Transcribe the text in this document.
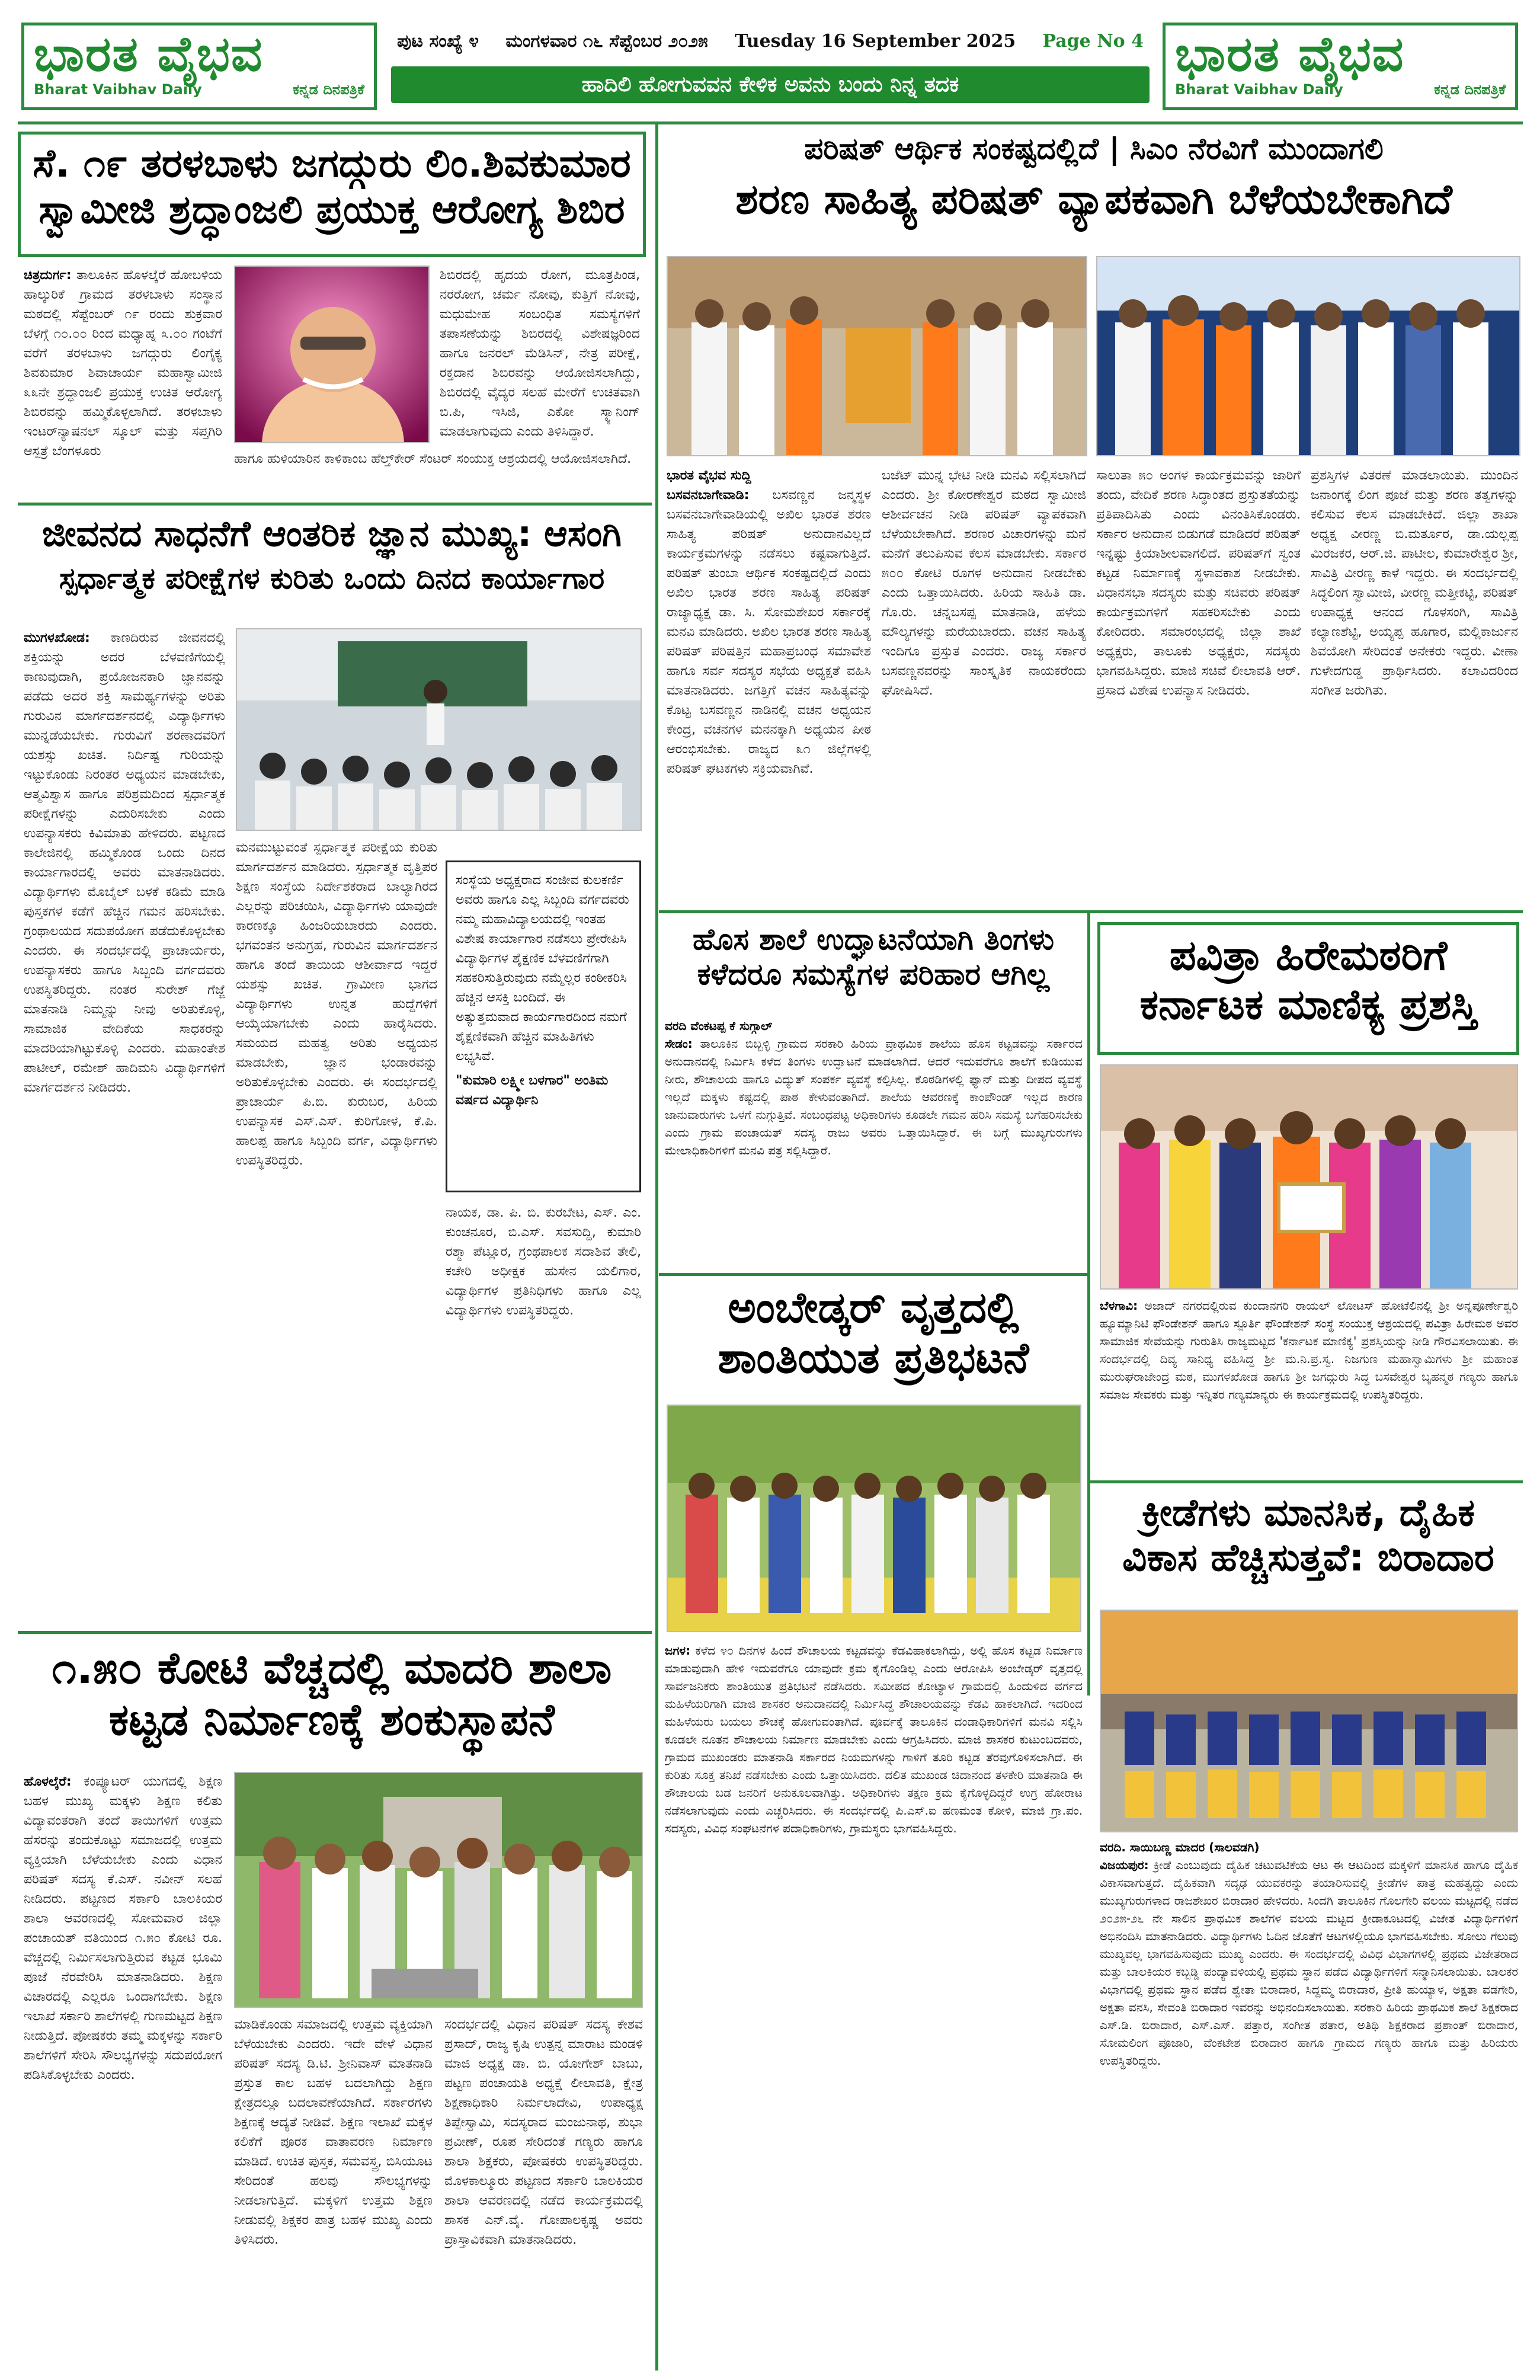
ಭಾರತ ವೈಭವ
Bharat Vaibhav Daily	ಕನ್ನಡ ದಿನಪತ್ರಿಕೆ
ಪುಟ ಸಂಖ್ಯೆ ೪ ಮಂಗಳವಾರ ೧೬ ಸೆಪ್ಟೆಂಬರ ೨೦೨೫ Tuesday 16 September 2025 Page No 4
ಹಾದಿಲಿ ಹೋಗುವವನ ಕೇಳಿಕ ಅವನು ಬಂದು ನಿನ್ನ ತದಕ
ಭಾರತ ವೈಭವ
Bharat Vaibhav Daily	ಕನ್ನಡ ದಿನಪತ್ರಿಕೆ
ಸೆ. ೧೯ ತರಳಬಾಳು ಜಗದ್ಗುರು ಲಿಂ.ಶಿವಕುಮಾರ
ಸ್ವಾಮೀಜಿ ಶ್ರದ್ಧಾಂಜಲಿ ಪ್ರಯುಕ್ತ ಆರೋಗ್ಯ ಶಿಬಿರ
ಚಿತ್ರದುರ್ಗ: ತಾಲೂಕಿನ ಹೊಳಲ್ಕೆರೆ ಹೋಬಳಿಯ ಹಾಲ್ಕುರಿಕೆ ಗ್ರಾಮದ ತರಳಬಾಳು ಸಂಸ್ಥಾನ ಮಠದಲ್ಲಿ ಸೆಪ್ಟೆಂಬರ್ ೧೯ ರಂದು ಶುಕ್ರವಾರ ಬೆಳಗ್ಗೆ ೧೦.೦೦ ರಿಂದ ಮಧ್ಯಾಹ್ನ ೩.೦೦ ಗಂಟೆಗೆ ವರೆಗೆ ತರಳಬಾಳು ಜಗದ್ಗುರು ಲಿಂಗೈಕ್ಯ ಶಿವಕುಮಾರ ಶಿವಾಚಾರ್ಯ ಮಹಾಸ್ವಾಮೀಜಿ ೩೩ನೇ ಶ್ರದ್ಧಾಂಜಲಿ ಪ್ರಯುಕ್ತ ಉಚಿತ ಆರೋಗ್ಯ ಶಿಬಿರವನ್ನು ಹಮ್ಮಿಕೊಳ್ಳಲಾಗಿದೆ. ತರಳಬಾಳು ಇಂಟರ್‌ನ್ಯಾಷನಲ್ ಸ್ಕೂಲ್ ಮತ್ತು ಸಪ್ತಗಿರಿ ಆಸ್ಪತ್ರೆ ಬೆಂಗಳೂರು
ಶಿಬಿರದಲ್ಲಿ ಹೃದಯ ರೋಗ, ಮೂತ್ರಪಿಂಡ, ನರರೋಗ, ಚರ್ಮ ನೋವು, ಕುತ್ತಿಗೆ ನೋವು, ಮಧುಮೇಹ ಸಂಬಂಧಿತ ಸಮಸ್ಯೆಗಳಿಗೆ ತಪಾಸಣೆಯನ್ನು ಶಿಬಿರದಲ್ಲಿ ವಿಶೇಷಜ್ಞರಿಂದ ಹಾಗೂ ಜನರಲ್ ಮೆಡಿಸಿನ್, ನೇತ್ರ ಪರೀಕ್ಷೆ, ರಕ್ತದಾನ ಶಿಬಿರವನ್ನು ಆಯೋಜಿಸಲಾಗಿದ್ದು, ಶಿಬಿರದಲ್ಲಿ ವೈದ್ಯರ ಸಲಹೆ ಮೇರೆಗೆ ಉಚಿತವಾಗಿ ಬಿ.ಪಿ, ಇಸಿಜಿ, ಎಕೋ ಸ್ಕ್ಯಾನಿಂಗ್ ಮಾಡಲಾಗುವುದು ಎಂದು ತಿಳಿಸಿದ್ದಾರೆ.
ಹಾಗೂ ಹುಳಿಯಾರಿನ ಕಾಳಿಕಾಂಬ ಹೆಲ್ತ್‌ಕೇರ್ ಸೆಂಟರ್ ಸಂಯುಕ್ತ ಆಶ್ರಯದಲ್ಲಿ ಆಯೋಜಿಸಲಾಗಿದೆ.
ಜೀವನದ ಸಾಧನೆಗೆ ಆಂತರಿಕ ಜ್ಞಾನ ಮುಖ್ಯ: ಆಸಂಗಿ
ಸ್ಪರ್ಧಾತ್ಮಕ ಪರೀಕ್ಷೆಗಳ ಕುರಿತು ಒಂದು ದಿನದ ಕಾರ್ಯಾಗಾರ
ಮುಗಳಖೋಡ: ಕಾಣದಿರುವ ಜೀವನದಲ್ಲಿ ಶಕ್ತಿಯನ್ನು ಅದರ ಬೆಳವಣಿಗೆಯಲ್ಲಿ ಕಾಣುವುದಾಗಿ, ಪ್ರಯೋಜನಕಾರಿ ಜ್ಞಾನವನ್ನು ಪಡೆದು ಅದರ ಶಕ್ತಿ ಸಾಮರ್ಥ್ಯಗಳನ್ನು ಅರಿತು ಗುರುವಿನ ಮಾರ್ಗದರ್ಶನದಲ್ಲಿ ವಿದ್ಯಾರ್ಥಿಗಳು ಮುನ್ನಡೆಯಬೇಕು. ಗುರುವಿಗೆ ಶರಣಾದವರಿಗೆ ಯಶಸ್ಸು ಖಚಿತ. ನಿರ್ದಿಷ್ಟ ಗುರಿಯನ್ನು ಇಟ್ಟುಕೊಂಡು ನಿರಂತರ ಅಧ್ಯಯನ ಮಾಡಬೇಕು, ಆತ್ಮವಿಶ್ವಾಸ ಹಾಗೂ ಪರಿಶ್ರಮದಿಂದ ಸ್ಪರ್ಧಾತ್ಮಕ ಪರೀಕ್ಷೆಗಳನ್ನು ಎದುರಿಸಬೇಕು ಎಂದು ಉಪನ್ಯಾಸಕರು ಕಿವಿಮಾತು ಹೇಳಿದರು. ಪಟ್ಟಣದ ಕಾಲೇಜಿನಲ್ಲಿ ಹಮ್ಮಿಕೊಂಡ ಒಂದು ದಿನದ ಕಾರ್ಯಾಗಾರದಲ್ಲಿ ಅವರು ಮಾತನಾಡಿದರು. ವಿದ್ಯಾರ್ಥಿಗಳು ಮೊಬೈಲ್ ಬಳಕೆ ಕಡಿಮೆ ಮಾಡಿ ಪುಸ್ತಕಗಳ ಕಡೆಗೆ ಹೆಚ್ಚಿನ ಗಮನ ಹರಿಸಬೇಕು. ಗ್ರಂಥಾಲಯದ ಸದುಪಯೋಗ ಪಡೆದುಕೊಳ್ಳಬೇಕು ಎಂದರು. ಈ ಸಂದರ್ಭದಲ್ಲಿ ಪ್ರಾಚಾರ್ಯರು, ಉಪನ್ಯಾಸಕರು ಹಾಗೂ ಸಿಬ್ಬಂದಿ ವರ್ಗದವರು ಉಪಸ್ಥಿತರಿದ್ದರು. ನಂತರ ಸುರೇಶ್ ಗೆಜ್ಜೆ ಮಾತನಾಡಿ ನಿಮ್ಮನ್ನು ನೀವು ಅರಿತುಕೊಳ್ಳಿ, ಸಾಮಾಜಿಕ ವೇದಿಕೆಯ ಸಾಧಕರನ್ನು ಮಾದರಿಯಾಗಿಟ್ಟುಕೊಳ್ಳಿ ಎಂದರು. ಮಹಾಂತೇಶ ಪಾಟೀಲ್, ರಮೇಶ್ ಹಾದಿಮನಿ ವಿದ್ಯಾರ್ಥಿಗಳಿಗೆ ಮಾರ್ಗದರ್ಶನ ನೀಡಿದರು.
ಮನಮುಟ್ಟುವಂತೆ ಸ್ಪರ್ಧಾತ್ಮಕ ಪರೀಕ್ಷೆಯ ಕುರಿತು ಮಾರ್ಗದರ್ಶನ ಮಾಡಿದರು. ಸ್ಪರ್ಧಾತ್ಮಕ ವೃತ್ತಿಪರ ಶಿಕ್ಷಣ ಸಂಸ್ಥೆಯ ನಿರ್ದೇಶಕರಾದ ಬಾಲ್ಯಾಗಿರದ ಎಲ್ಲರನ್ನು ಪರಿಚಯಿಸಿ, ವಿದ್ಯಾರ್ಥಿಗಳು ಯಾವುದೇ ಕಾರಣಕ್ಕೂ ಹಿಂಜರಿಯಬಾರದು ಎಂದರು. ಭಗವಂತನ ಅನುಗ್ರಹ, ಗುರುವಿನ ಮಾರ್ಗದರ್ಶನ ಹಾಗೂ ತಂದೆ ತಾಯಿಯ ಆಶೀರ್ವಾದ ಇದ್ದರೆ ಯಶಸ್ಸು ಖಚಿತ. ಗ್ರಾಮೀಣ ಭಾಗದ ವಿದ್ಯಾರ್ಥಿಗಳು ಉನ್ನತ ಹುದ್ದೆಗಳಿಗೆ ಆಯ್ಕೆಯಾಗಬೇಕು ಎಂದು ಹಾರೈಸಿದರು. ಸಮಯದ ಮಹತ್ವ ಅರಿತು ಅಧ್ಯಯನ ಮಾಡಬೇಕು, ಜ್ಞಾನ ಭಂಡಾರವನ್ನು ಅರಿತುಕೊಳ್ಳಬೇಕು ಎಂದರು. ಈ ಸಂದರ್ಭದಲ್ಲಿ ಪ್ರಾಚಾರ್ಯ ಪಿ.ಬಿ. ಕುರುಬರ, ಹಿರಿಯ ಉಪನ್ಯಾಸಕ ಎಸ್.ಎಸ್. ಕುರಿಗೋಳ, ಕೆ.ಪಿ. ಹಾಲಪ್ಪ ಹಾಗೂ ಸಿಬ್ಬಂದಿ ವರ್ಗ, ವಿದ್ಯಾರ್ಥಿಗಳು ಉಪಸ್ಥಿತರಿದ್ದರು.
ಸಂಸ್ಥೆಯ ಅಧ್ಯಕ್ಷರಾದ ಸಂಜೀವ ಕುಲಕರ್ಣಿ ಅವರು ಹಾಗೂ ಎಲ್ಲ ಸಿಬ್ಬಂದಿ ವರ್ಗದವರು ನಮ್ಮ ಮಹಾವಿದ್ಯಾಲಯದಲ್ಲಿ ಇಂತಹ ವಿಶೇಷ ಕಾರ್ಯಾಗಾರ ನಡೆಸಲು ಪ್ರೇರೇಪಿಸಿ ವಿದ್ಯಾರ್ಥಿಗಳ ಶೈಕ್ಷಣಿಕ ಬೆಳವಣಿಗೆಗಾಗಿ ಸಹಕರಿಸುತ್ತಿರುವುದು ನಮ್ಮೆಲ್ಲರ ಕಂಠೀಕರಿಸಿ ಹೆಚ್ಚಿನ ಆಸಕ್ತಿ ಬಂದಿದೆ. ಈ ಅತ್ಯುತ್ತಮವಾದ ಕಾರ್ಯಗಾರದಿಂದ ನಮಗೆ ಶೈಕ್ಷಣಿಕವಾಗಿ ಹೆಚ್ಚಿನ ಮಾಹಿತಿಗಳು ಲಭ್ಯಸಿವೆ.
"ಕುಮಾರಿ ಲಕ್ಷ್ಮೀ ಬಳಗಾರ" ಅಂತಿಮ ವರ್ಷದ ವಿದ್ಯಾರ್ಥಿನಿ
ನಾಯಕ, ಡಾ. ಪಿ. ಬಿ. ಕುರಬೇಟ, ಎಸ್. ಎಂ. ಕುಂಚನೂರ, ಬಿ.ಎಸ್. ಸವಸುದ್ದಿ, ಕುಮಾರಿ ರಶ್ಮಾ ಪೆಟ್ಲೂರ, ಗ್ರಂಥಪಾಲಕ ಸದಾಶಿವ ತೇಲಿ, ಕಚೇರಿ ಅಧೀಕ್ಷಕ ಹುಸೇನ ಯಲಿಗಾರ, ವಿದ್ಯಾರ್ಥಿಗಳ ಪ್ರತಿನಿಧಿಗಳು ಹಾಗೂ ಎಲ್ಲ ವಿದ್ಯಾರ್ಥಿಗಳು ಉಪಸ್ಥಿತರಿದ್ದರು.
೧.೫೦ ಕೋಟಿ ವೆಚ್ಚದಲ್ಲಿ ಮಾದರಿ ಶಾಲಾ
ಕಟ್ಟಡ ನಿರ್ಮಾಣಕ್ಕೆ ಶಂಕುಸ್ಥಾಪನೆ
ಹೊಳಲ್ಕೆರೆ: ಕಂಪ್ಯೂಟರ್ ಯುಗದಲ್ಲಿ ಶಿಕ್ಷಣ ಬಹಳ ಮುಖ್ಯ ಮಕ್ಕಳು ಶಿಕ್ಷಣ ಕಲಿತು ವಿದ್ಯಾವಂತರಾಗಿ ತಂದೆ ತಾಯಿಗಳಿಗೆ ಉತ್ತಮ ಹೆಸರನ್ನು ತಂದುಕೊಟ್ಟು ಸಮಾಜದಲ್ಲಿ ಉತ್ತಮ ವ್ಯಕ್ತಿಯಾಗಿ ಬೆಳೆಯಬೇಕು ಎಂದು ವಿಧಾನ ಪರಿಷತ್ ಸದಸ್ಯ ಕೆ.ಎಸ್. ನವೀನ್ ಸಲಹೆ ನೀಡಿದರು. ಪಟ್ಟಣದ ಸರ್ಕಾರಿ ಬಾಲಕಿಯರ ಶಾಲಾ ಆವರಣದಲ್ಲಿ ಸೋಮವಾರ ಜಿಲ್ಲಾ ಪಂಚಾಯತ್ ವತಿಯಿಂದ ೧.೫೦ ಕೋಟಿ ರೂ. ವೆಚ್ಚದಲ್ಲಿ ನಿರ್ಮಿಸಲಾಗುತ್ತಿರುವ ಕಟ್ಟಡ ಭೂಮಿ ಪೂಜೆ ನೆರವೇರಿಸಿ ಮಾತನಾಡಿದರು. ಶಿಕ್ಷಣ ವಿಚಾರದಲ್ಲಿ ಎಲ್ಲರೂ ಒಂದಾಗಬೇಕು. ಶಿಕ್ಷಣ ಇಲಾಖೆ ಸರ್ಕಾರಿ ಶಾಲೆಗಳಲ್ಲಿ ಗುಣಮಟ್ಟದ ಶಿಕ್ಷಣ ನೀಡುತ್ತಿದೆ. ಪೋಷಕರು ತಮ್ಮ ಮಕ್ಕಳನ್ನು ಸರ್ಕಾರಿ ಶಾಲೆಗಳಿಗೆ ಸೇರಿಸಿ ಸೌಲಭ್ಯಗಳನ್ನು ಸದುಪಯೋಗ ಪಡಿಸಿಕೊಳ್ಳಬೇಕು ಎಂದರು.
ಮಾಡಿಕೊಂಡು ಸಮಾಜದಲ್ಲಿ ಉತ್ತಮ ವ್ಯಕ್ತಿಯಾಗಿ ಬೆಳೆಯಬೇಕು ಎಂದರು. ಇದೇ ವೇಳೆ ವಿಧಾನ ಪರಿಷತ್ ಸದಸ್ಯ ಡಿ.ಟಿ. ಶ್ರೀನಿವಾಸ್ ಮಾತನಾಡಿ ಪ್ರಸ್ತುತ ಕಾಲ ಬಹಳ ಬದಲಾಗಿದ್ದು ಶಿಕ್ಷಣ ಕ್ಷೇತ್ರದಲ್ಲೂ ಬದಲಾವಣೆಯಾಗಿದೆ. ಸರ್ಕಾರಗಳು ಶಿಕ್ಷಣಕ್ಕೆ ಆದ್ಯತೆ ನೀಡಿವೆ. ಶಿಕ್ಷಣ ಇಲಾಖೆ ಮಕ್ಕಳ ಕಲಿಕೆಗೆ ಪೂರಕ ವಾತಾವರಣ ನಿರ್ಮಾಣ ಮಾಡಿದೆ. ಉಚಿತ ಪುಸ್ತಕ, ಸಮವಸ್ತ್ರ, ಬಿಸಿಯೂಟ ಸೇರಿದಂತೆ ಹಲವು ಸೌಲಭ್ಯಗಳನ್ನು ನೀಡಲಾಗುತ್ತಿದೆ. ಮಕ್ಕಳಿಗೆ ಉತ್ತಮ ಶಿಕ್ಷಣ ನೀಡುವಲ್ಲಿ ಶಿಕ್ಷಕರ ಪಾತ್ರ ಬಹಳ ಮುಖ್ಯ ಎಂದು ತಿಳಿಸಿದರು.
ಸಂದರ್ಭದಲ್ಲಿ ವಿಧಾನ ಪರಿಷತ್ ಸದಸ್ಯ ಕೇಶವ ಪ್ರಸಾದ್, ರಾಜ್ಯ ಕೃಷಿ ಉತ್ಪನ್ನ ಮಾರಾಟ ಮಂಡಳಿ ಮಾಜಿ ಅಧ್ಯಕ್ಷ ಡಾ. ಬಿ. ಯೋಗೇಶ್ ಬಾಬು, ಪಟ್ಟಣ ಪಂಚಾಯತಿ ಅಧ್ಯಕ್ಷೆ ಲೀಲಾವತಿ, ಕ್ಷೇತ್ರ ಶಿಕ್ಷಣಾಧಿಕಾರಿ ನಿರ್ಮಲಾದೇವಿ, ಉಪಾಧ್ಯಕ್ಷ ತಿಪ್ಪೇಸ್ವಾಮಿ, ಸದಸ್ಯರಾದ ಮಂಜುನಾಥ, ಶುಭಾ ಪ್ರವೀಣ್, ರೂಪ ಸೇರಿದಂತೆ ಗಣ್ಯರು ಹಾಗೂ ಶಾಲಾ ಶಿಕ್ಷಕರು, ಪೋಷಕರು ಉಪಸ್ಥಿತರಿದ್ದರು. ಮೊಳಕಾಲ್ಮೂರು ಪಟ್ಟಣದ ಸರ್ಕಾರಿ ಬಾಲಕಿಯರ ಶಾಲಾ ಆವರಣದಲ್ಲಿ ನಡೆದ ಕಾರ್ಯಕ್ರಮದಲ್ಲಿ ಶಾಸಕ ಎನ್.ವೈ. ಗೋಪಾಲಕೃಷ್ಣ ಅವರು ಪ್ರಾಸ್ತಾವಿಕವಾಗಿ ಮಾತನಾಡಿದರು.
ಪರಿಷತ್ ಆರ್ಥಿಕ ಸಂಕಷ್ಟದಲ್ಲಿದೆ | ಸಿಎಂ ನೆರವಿಗೆ ಮುಂದಾಗಲಿ
ಶರಣ ಸಾಹಿತ್ಯ ಪರಿಷತ್ ವ್ಯಾಪಕವಾಗಿ ಬೆಳೆಯಬೇಕಾಗಿದೆ
ಭಾರತ ವೈಭವ ಸುದ್ದಿ
ಬಸವನಬಾಗೇವಾಡಿ: ಬಸವಣ್ಣನ ಜನ್ಮಸ್ಥಳ ಬಸವನಬಾಗೇವಾಡಿಯಲ್ಲಿ ಅಖಿಲ ಭಾರತ ಶರಣ ಸಾಹಿತ್ಯ ಪರಿಷತ್ ಅನುದಾನವಿಲ್ಲದೆ ಕಾರ್ಯಕ್ರಮಗಳನ್ನು ನಡೆಸಲು ಕಷ್ಟವಾಗುತ್ತಿದೆ. ಪರಿಷತ್ ತುಂಬಾ ಆರ್ಥಿಕ ಸಂಕಷ್ಟದಲ್ಲಿದೆ ಎಂದು ಅಖಿಲ ಭಾರತ ಶರಣ ಸಾಹಿತ್ಯ ಪರಿಷತ್ ರಾಜ್ಯಾಧ್ಯಕ್ಷ ಡಾ. ಸಿ. ಸೋಮಶೇಖರ ಸರ್ಕಾರಕ್ಕೆ ಮನವಿ ಮಾಡಿದರು. ಅಖಿಲ ಭಾರತ ಶರಣ ಸಾಹಿತ್ಯ ಪರಿಷತ್ ಪರಿಷತ್ತಿನ ಮಹಾಪ್ರಬಂಧ ಸಮಾವೇಶ ಹಾಗೂ ಸರ್ವ ಸದಸ್ಯರ ಸಭೆಯ ಅಧ್ಯಕ್ಷತೆ ವಹಿಸಿ ಮಾತನಾಡಿದರು. ಜಗತ್ತಿಗೆ ವಚನ ಸಾಹಿತ್ಯವನ್ನು ಕೊಟ್ಟ ಬಸವಣ್ಣನ ನಾಡಿನಲ್ಲಿ ವಚನ ಅಧ್ಯಯನ ಕೇಂದ್ರ, ವಚನಗಳ ಮನನಕ್ಕಾಗಿ ಅಧ್ಯಯನ ಪೀಠ ಆರಂಭಿಸಬೇಕು. ರಾಜ್ಯದ ೩೧ ಜಿಲ್ಲೆಗಳಲ್ಲಿ ಪರಿಷತ್ ಘಟಕಗಳು ಸಕ್ರಿಯವಾಗಿವೆ.
ಬಜೆಟ್ ಮುನ್ನ ಭೇಟಿ ನೀಡಿ ಮನವಿ ಸಲ್ಲಿಸಲಾಗಿದೆ ಎಂದರು. ಶ್ರೀ ಕೋರಣೇಶ್ವರ ಮಠದ ಸ್ವಾಮೀಜಿ ಆಶೀರ್ವಚನ ನೀಡಿ ಪರಿಷತ್ ವ್ಯಾಪಕವಾಗಿ ಬೆಳೆಯಬೇಕಾಗಿದೆ. ಶರಣರ ವಿಚಾರಗಳನ್ನು ಮನೆ ಮನೆಗೆ ತಲುಪಿಸುವ ಕೆಲಸ ಮಾಡಬೇಕು. ಸರ್ಕಾರ ೫೦೦ ಕೋಟಿ ರೂಗಳ ಅನುದಾನ ನೀಡಬೇಕು ಎಂದು ಒತ್ತಾಯಿಸಿದರು. ಹಿರಿಯ ಸಾಹಿತಿ ಡಾ. ಗೊ.ರು. ಚನ್ನಬಸಪ್ಪ ಮಾತನಾಡಿ, ಹಳೆಯ ಮೌಲ್ಯಗಳನ್ನು ಮರೆಯಬಾರದು. ವಚನ ಸಾಹಿತ್ಯ ಇಂದಿಗೂ ಪ್ರಸ್ತುತ ಎಂದರು. ರಾಜ್ಯ ಸರ್ಕಾರ ಬಸವಣ್ಣನವರನ್ನು ಸಾಂಸ್ಕೃತಿಕ ನಾಯಕರೆಂದು ಘೋಷಿಸಿದೆ.
ಸಾಲುತಾ ೫೦ ಅಂಗಳ ಕಾರ್ಯಕ್ರಮವನ್ನು ಜಾರಿಗೆ ತಂದು, ವೇದಿಕೆ ಶರಣ ಸಿದ್ಧಾಂತದ ಪ್ರಸ್ತುತತೆಯನ್ನು ಪ್ರತಿಪಾದಿಸಿತು ಎಂದು ವಿನಂತಿಸಿಕೊಂಡರು. ಸರ್ಕಾರ ಅನುದಾನ ಬಿಡುಗಡೆ ಮಾಡಿದರೆ ಪರಿಷತ್ ಇನ್ನಷ್ಟು ಕ್ರಿಯಾಶೀಲವಾಗಲಿದೆ. ಪರಿಷತ್‌ಗೆ ಸ್ವಂತ ಕಟ್ಟಡ ನಿರ್ಮಾಣಕ್ಕೆ ಸ್ಥಳಾವಕಾಶ ನೀಡಬೇಕು. ವಿಧಾನಸಭಾ ಸದಸ್ಯರು ಮತ್ತು ಸಚಿವರು ಪರಿಷತ್ ಕಾರ್ಯಕ್ರಮಗಳಿಗೆ ಸಹಕರಿಸಬೇಕು ಎಂದು ಕೋರಿದರು. ಸಮಾರಂಭದಲ್ಲಿ ಜಿಲ್ಲಾ ಶಾಖೆ ಅಧ್ಯಕ್ಷರು, ತಾಲೂಕು ಅಧ್ಯಕ್ಷರು, ಸದಸ್ಯರು ಭಾಗವಹಿಸಿದ್ದರು. ಮಾಜಿ ಸಚಿವೆ ಲೀಲಾವತಿ ಆರ್. ಪ್ರಸಾದ ವಿಶೇಷ ಉಪನ್ಯಾಸ ನೀಡಿದರು.
ಪ್ರಶಸ್ತಿಗಳ ವಿತರಣೆ ಮಾಡಲಾಯಿತು. ಮುಂದಿನ ಜನಾಂಗಕ್ಕೆ ಲಿಂಗ ಪೂಜೆ ಮತ್ತು ಶರಣ ತತ್ವಗಳನ್ನು ಕಲಿಸುವ ಕೆಲಸ ಮಾಡಬೇಕಿದೆ. ಜಿಲ್ಲಾ ಶಾಖಾ ಅಧ್ಯಕ್ಷ ವೀರಣ್ಣ ಬಿ.ಮರ್ತೂರ, ಡಾ.ಯಲ್ಲಪ್ಪ ಮಿರಜಕರ, ಆರ್.ಜಿ. ಪಾಟೀಲ, ಕುಮಾರೇಶ್ವರ ಶ್ರೀ, ಸಾವಿತ್ರಿ ವೀರಣ್ಣ ಕಾಳೆ ಇದ್ದರು. ಈ ಸಂದರ್ಭದಲ್ಲಿ ಸಿದ್ಧಲಿಂಗ ಸ್ವಾಮೀಜಿ, ವೀರಣ್ಣ ಮತ್ತೀಕಟ್ಟಿ, ಪರಿಷತ್ ಉಪಾಧ್ಯಕ್ಷ ಆನಂದ ಗೊಳಸಂಗಿ, ಸಾವಿತ್ರಿ ಕಲ್ಯಾಣಶೆಟ್ಟಿ, ಅಯ್ಯಪ್ಪ ಹೂಗಾರ, ಮಲ್ಲಿಕಾರ್ಜುನ ಶಿವಯೋಗಿ ಸೇರಿದಂತೆ ಅನೇಕರು ಇದ್ದರು. ವೀಣಾ ಗುಳೇದಗುಡ್ಡ ಪ್ರಾರ್ಥಿಸಿದರು. ಕಲಾವಿದರಿಂದ ಸಂಗೀತ ಜರುಗಿತು.
ಹೊಸ ಶಾಲೆ ಉದ್ಘಾಟನೆಯಾಗಿ ತಿಂಗಳು
ಕಳೆದರೂ ಸಮಸ್ಯೆಗಳ ಪರಿಹಾರ ಆಗಿಲ್ಲ
ವರದಿ ವೆಂಕಟಪ್ಪ ಕೆ ಸುಗ್ಗಾಲ್
ಸೇಡಂ: ತಾಲೂಕಿನ ಬಿಬ್ಬಳ್ಳಿ ಗ್ರಾಮದ ಸರಕಾರಿ ಹಿರಿಯ ಪ್ರಾಥಮಿಕ ಶಾಲೆಯ ಹೊಸ ಕಟ್ಟಡವನ್ನು ಸರ್ಕಾರದ ಅನುದಾನದಲ್ಲಿ ನಿರ್ಮಿಸಿ ಕಳೆದ ತಿಂಗಳು ಉದ್ಘಾಟನೆ ಮಾಡಲಾಗಿದೆ. ಆದರೆ ಇದುವರೆಗೂ ಶಾಲೆಗೆ ಕುಡಿಯುವ ನೀರು, ಶೌಚಾಲಯ ಹಾಗೂ ವಿದ್ಯುತ್ ಸಂಪರ್ಕ ವ್ಯವಸ್ಥೆ ಕಲ್ಪಿಸಿಲ್ಲ. ಕೊಠಡಿಗಳಲ್ಲಿ ಫ್ಯಾನ್ ಮತ್ತು ದೀಪದ ವ್ಯವಸ್ಥೆ ಇಲ್ಲದೆ ಮಕ್ಕಳು ಕಷ್ಟದಲ್ಲಿ ಪಾಠ ಕೇಳುವಂತಾಗಿದೆ. ಶಾಲೆಯ ಆವರಣಕ್ಕೆ ಕಾಂಪೌಂಡ್ ಇಲ್ಲದ ಕಾರಣ ಜಾನುವಾರುಗಳು ಒಳಗೆ ನುಗ್ಗುತ್ತಿವೆ. ಸಂಬಂಧಪಟ್ಟ ಅಧಿಕಾರಿಗಳು ಕೂಡಲೇ ಗಮನ ಹರಿಸಿ ಸಮಸ್ಯೆ ಬಗೆಹರಿಸಬೇಕು ಎಂದು ಗ್ರಾಮ ಪಂಚಾಯತ್ ಸದಸ್ಯ ರಾಜು ಅವರು ಒತ್ತಾಯಿಸಿದ್ದಾರೆ. ಈ ಬಗ್ಗೆ ಮುಖ್ಯಗುರುಗಳು ಮೇಲಾಧಿಕಾರಿಗಳಿಗೆ ಮನವಿ ಪತ್ರ ಸಲ್ಲಿಸಿದ್ದಾರೆ.
ಅಂಬೇಡ್ಕರ್ ವೃತ್ತದಲ್ಲಿ
ಶಾಂತಿಯುತ ಪ್ರತಿಭಟನೆ
ಜಗಳ: ಕಳೆದ ೪೦ ದಿನಗಳ ಹಿಂದೆ ಶೌಚಾಲಯ ಕಟ್ಟಡವನ್ನು ಕೆಡವಿಹಾಕಲಾಗಿದ್ದು, ಅಲ್ಲಿ ಹೊಸ ಕಟ್ಟಡ ನಿರ್ಮಾಣ ಮಾಡುವುದಾಗಿ ಹೇಳಿ ಇದುವರೆಗೂ ಯಾವುದೇ ಕ್ರಮ ಕೈಗೊಂಡಿಲ್ಲ ಎಂದು ಆರೋಪಿಸಿ ಅಂಬೇಡ್ಕರ್ ವೃತ್ತದಲ್ಲಿ ಸಾರ್ವಜನಿಕರು ಶಾಂತಿಯುತ ಪ್ರತಿಭಟನೆ ನಡೆಸಿದರು. ಸಮೀಪದ ಕೋಟ್ಯಾಳ ಗ್ರಾಮದಲ್ಲಿ ಹಿಂದುಳಿದ ವರ್ಗದ ಮಹಿಳೆಯರಿಗಾಗಿ ಮಾಜಿ ಶಾಸಕರ ಅನುದಾನದಲ್ಲಿ ನಿರ್ಮಿಸಿದ್ದ ಶೌಚಾಲಯವನ್ನು ಕೆಡವಿ ಹಾಕಲಾಗಿದೆ. ಇದರಿಂದ ಮಹಿಳೆಯರು ಬಯಲು ಶೌಚಕ್ಕೆ ಹೋಗುವಂತಾಗಿದೆ. ಪೂರ್ವಕ್ಕೆ ತಾಲೂಕಿನ ದಂಡಾಧಿಕಾರಿಗಳಿಗೆ ಮನವಿ ಸಲ್ಲಿಸಿ ಕೂಡಲೇ ನೂತನ ಶೌಚಾಲಯ ನಿರ್ಮಾಣ ಮಾಡಬೇಕು ಎಂದು ಆಗ್ರಹಿಸಿದರು. ಮಾಜಿ ಶಾಸಕರ ಕುಟುಂಬದವರು, ಗ್ರಾಮದ ಮುಖಂಡರು ಮಾತನಾಡಿ ಸರ್ಕಾರದ ನಿಯಮಗಳನ್ನು ಗಾಳಿಗೆ ತೂರಿ ಕಟ್ಟಡ ತೆರವುಗೊಳಿಸಲಾಗಿದೆ. ಈ ಕುರಿತು ಸೂಕ್ತ ತನಿಖೆ ನಡೆಸಬೇಕು ಎಂದು ಒತ್ತಾಯಿಸಿದರು. ದಲಿತ ಮುಖಂಡ ಚಿದಾನಂದ ತಳಕೇರಿ ಮಾತನಾಡಿ ಈ ಶೌಚಾಲಯ ಬಡ ಜನರಿಗೆ ಅನುಕೂಲವಾಗಿತ್ತು. ಅಧಿಕಾರಿಗಳು ತಕ್ಷಣ ಕ್ರಮ ಕೈಗೊಳ್ಳದಿದ್ದರೆ ಉಗ್ರ ಹೋರಾಟ ನಡೆಸಲಾಗುವುದು ಎಂದು ಎಚ್ಚರಿಸಿದರು. ಈ ಸಂದರ್ಭದಲ್ಲಿ ಪಿ.ಎಸ್.ಐ ಹಣಮಂತ ಕೋಳಿ, ಮಾಜಿ ಗ್ರಾ.ಪಂ. ಸದಸ್ಯರು, ವಿವಿಧ ಸಂಘಟನೆಗಳ ಪದಾಧಿಕಾರಿಗಳು, ಗ್ರಾಮಸ್ಥರು ಭಾಗವಹಿಸಿದ್ದರು.
ಪವಿತ್ರಾ ಹಿರೇಮಠರಿಗೆ
ಕರ್ನಾಟಕ ಮಾಣಿಕ್ಯ ಪ್ರಶಸ್ತಿ
ಬೆಳಗಾವಿ: ಅಜಾದ್ ನಗರದಲ್ಲಿರುವ ಕುಂದಾನಗರಿ ರಾಯಲ್ ಲೋಟಸ್ ಹೋಟೆಲಿನಲ್ಲಿ ಶ್ರೀ ಅನ್ನಪೂರ್ಣೇಶ್ವರಿ ಹ್ಯೂಮ್ಯಾನಿಟಿ ಫೌಂಡೇಶನ್ ಹಾಗೂ ಸ್ಪೂರ್ತಿ ಫೌಂಡೇಶನ್ ಸಂಸ್ಥೆ ಸಂಯುಕ್ತ ಆಶ್ರಯದಲ್ಲಿ ಪವಿತ್ರಾ ಹಿರೇಮಠ ಅವರ ಸಾಮಾಜಿಕ ಸೇವೆಯನ್ನು ಗುರುತಿಸಿ ರಾಜ್ಯಮಟ್ಟದ 'ಕರ್ನಾಟಕ ಮಾಣಿಕ್ಯ' ಪ್ರಶಸ್ತಿಯನ್ನು ನೀಡಿ ಗೌರವಿಸಲಾಯಿತು. ಈ ಸಂದರ್ಭದಲ್ಲಿ ದಿವ್ಯ ಸಾನಿಧ್ಯ ವಹಿಸಿದ್ದ ಶ್ರೀ ಮ.ನಿ.ಪ್ರ.ಸ್ವ. ನಿಜಗುಣ ಮಹಾಸ್ವಾಮಿಗಳು ಶ್ರೀ ಮಹಾಂತ ಮುರುಘರಾಜೇಂದ್ರ ಮಠ, ಮುಗಳಖೋಡ ಹಾಗೂ ಶ್ರೀ ಜಗದ್ಗುರು ಸಿದ್ಧ ಬಸವೇಶ್ವರ ಬೃಹನ್ಮಠ ಗಣ್ಯರು ಹಾಗೂ ಸಮಾಜ ಸೇವಕರು ಮತ್ತು ಇನ್ನಿತರ ಗಣ್ಯಮಾನ್ಯರು ಈ ಕಾರ್ಯಕ್ರಮದಲ್ಲಿ ಉಪಸ್ಥಿತರಿದ್ದರು.
ಕ್ರೀಡೆಗಳು ಮಾನಸಿಕ, ದೈಹಿಕ
ವಿಕಾಸ ಹೆಚ್ಚಿಸುತ್ತವೆ: ಬಿರಾದಾರ
ವರದಿ. ಸಾಯಿಬಣ್ಣ ಮಾದರ (ಸಾಲವಡಗಿ)
ವಿಜಯಪುರ: ಕ್ರೀಡೆ ಎಂಬುವುದು ದೈಹಿಕ ಚಟುವಟಿಕೆಯ ಆಟ ಈ ಆಟದಿಂದ ಮಕ್ಕಳಿಗೆ ಮಾನಸಿಕ ಹಾಗೂ ದೈಹಿಕ ವಿಕಾಸವಾಗುತ್ತದೆ. ದೈಹಿಕವಾಗಿ ಸದೃಢ ಯುವಕರನ್ನು ತಯಾರಿಸುವಲ್ಲಿ ಕ್ರೀಡೆಗಳ ಪಾತ್ರ ಮಹತ್ವದ್ದು ಎಂದು ಮುಖ್ಯಗುರುಗಳಾದ ರಾಜಶೇಖರ ಬಿರಾದಾರ ಹೇಳಿದರು. ಸಿಂದಗಿ ತಾಲೂಕಿನ ಗೊಲಗೇರಿ ವಲಯ ಮಟ್ಟದಲ್ಲಿ ನಡೆದ ೨೦೨೫-೨೬ ನೇ ಸಾಲಿನ ಪ್ರಾಥಮಿಕ ಶಾಲೆಗಳ ವಲಯ ಮಟ್ಟದ ಕ್ರೀಡಾಕೂಟದಲ್ಲಿ ವಿಜೇತ ವಿದ್ಯಾರ್ಥಿಗಳಿಗೆ ಅಭಿನಂದಿಸಿ ಮಾತನಾಡಿದರು. ವಿದ್ಯಾರ್ಥಿಗಳು ಓದಿನ ಜೊತೆಗೆ ಆಟಗಳಲ್ಲಿಯೂ ಭಾಗವಹಿಸಬೇಕು. ಸೋಲು ಗೆಲುವು ಮುಖ್ಯವಲ್ಲ ಭಾಗವಹಿಸುವುದು ಮುಖ್ಯ ಎಂದರು. ಈ ಸಂದರ್ಭದಲ್ಲಿ ವಿವಿಧ ವಿಭಾಗಗಳಲ್ಲಿ ಪ್ರಥಮ ವಿಜೇತರಾದ ಮತ್ತು ಬಾಲಕಿಯರ ಕಬ್ಬಡ್ಡಿ ಪಂದ್ಯಾವಳಿಯಲ್ಲಿ ಪ್ರಥಮ ಸ್ಥಾನ ಪಡೆದ ವಿದ್ಯಾರ್ಥಿಗಳಿಗೆ ಸನ್ಮಾನಿಸಲಾಯಿತು. ಬಾಲಕರ ವಿಭಾಗದಲ್ಲಿ ಪ್ರಥಮ ಸ್ಥಾನ ಪಡೆದ ಶ್ವೇತಾ ಬಿರಾದಾರ, ಸಿದ್ದಮ್ಮ ಬಿರಾದಾರ, ಪ್ರೀತಿ ಹುಯ್ಯಾಳ, ಅಕ್ಷತಾ ವಡಗೇರಿ, ಅಕ್ಷತಾ ವನಸಿ, ಸೇವಂತಿ ಬಿರಾದಾರ ಇವರನ್ನು ಅಭಿನಂದಿಸಲಾಯಿತು. ಸರಕಾರಿ ಹಿರಿಯ ಪ್ರಾಥಮಿಕ ಶಾಲೆ ಶಿಕ್ಷಕರಾದ ಎಸ್.ಡಿ. ಬಿರಾದಾರ, ಎಸ್.ಎಸ್. ಪತ್ತಾರ, ಸಂಗೀತ ಪತಾರ, ಅತಿಥಿ ಶಿಕ್ಷಕರಾದ ಪ್ರಶಾಂತ್ ಬಿರಾದಾರ, ಸೋಮಲಿಂಗ ಪೂಜಾರಿ, ವೆಂಕಟೇಶ ಬಿರಾದಾರ ಹಾಗೂ ಗ್ರಾಮದ ಗಣ್ಯರು ಹಾಗೂ ಮತ್ತು ಹಿರಿಯರು ಉಪಸ್ಥಿತರಿದ್ದರು.
